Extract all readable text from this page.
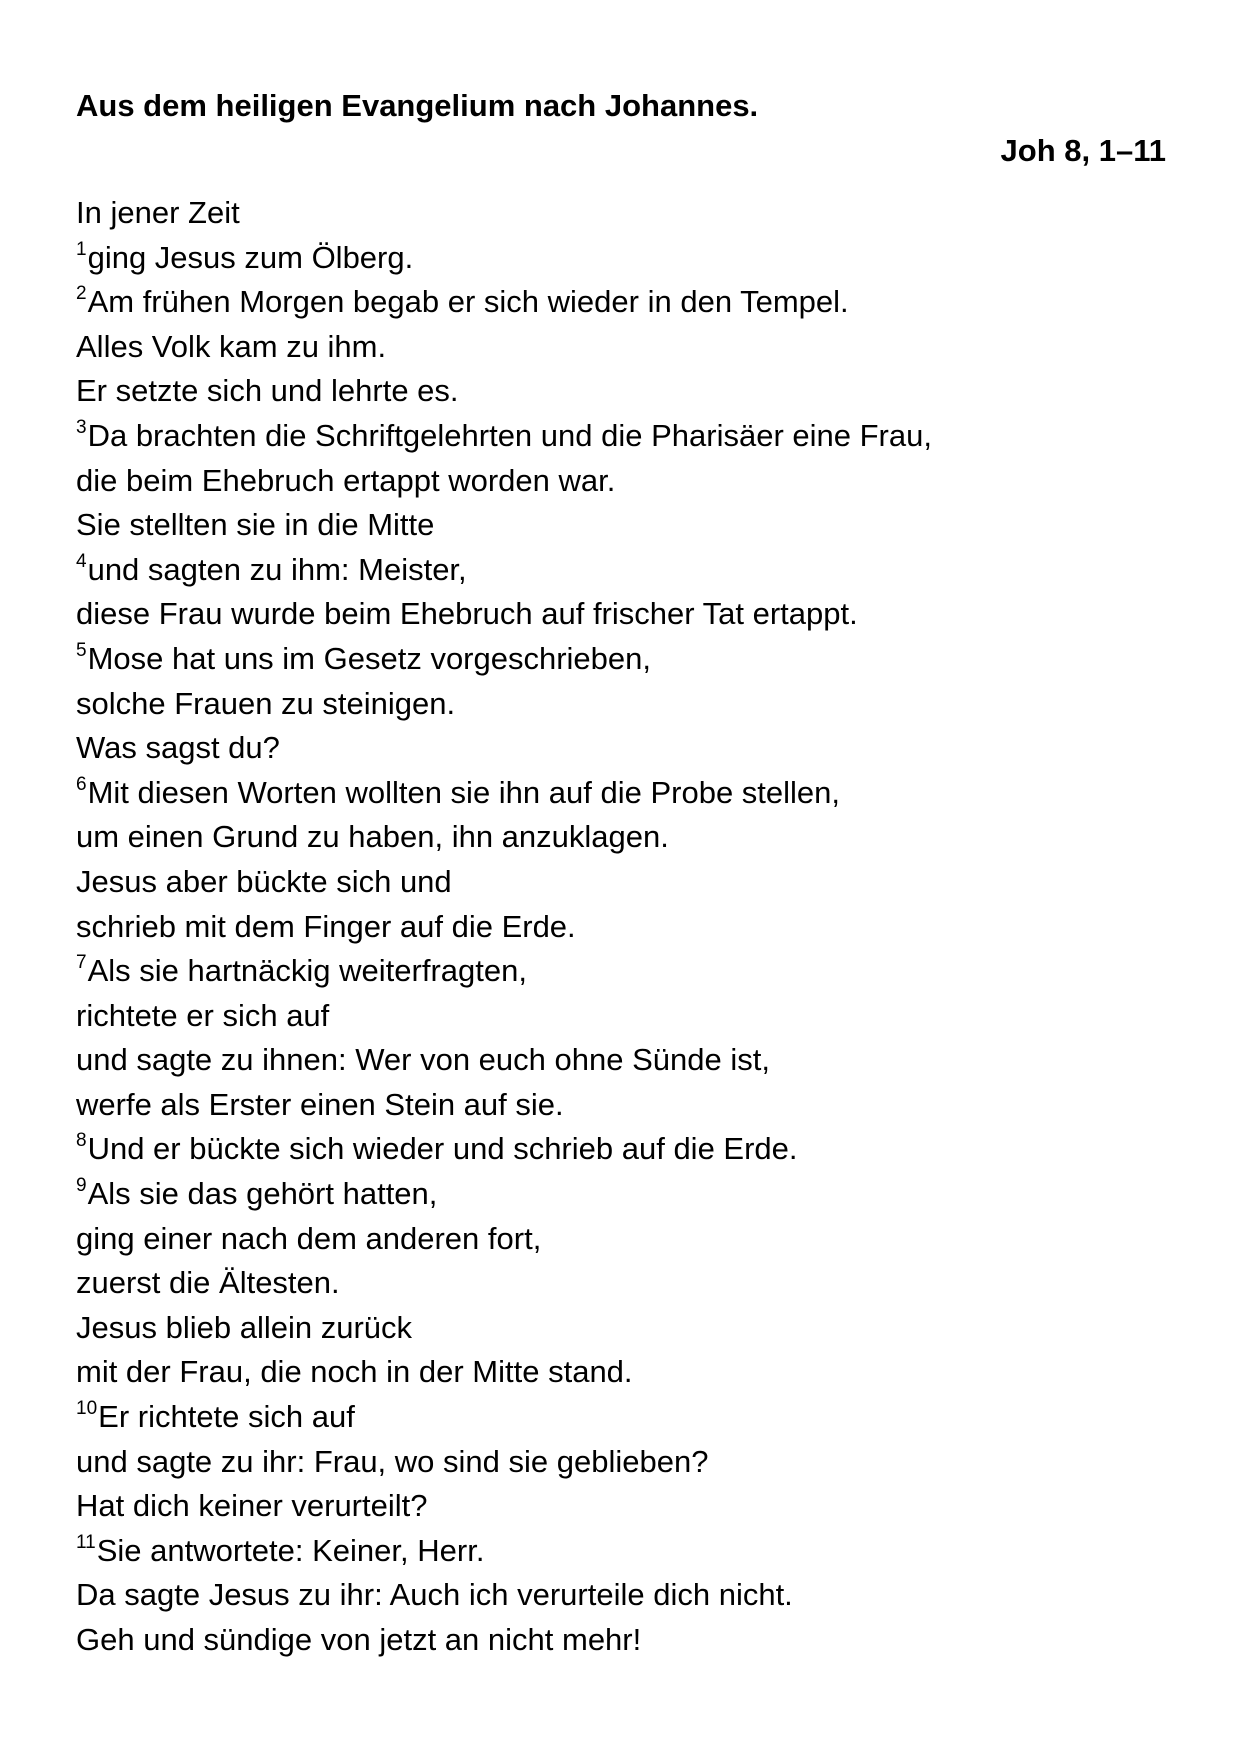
Aus dem heiligen Evangelium nach Johannes.
Joh 8, 1–11
In jener Zeit
$^1$ging Jesus zum Ölberg.
$^2$Am frühen Morgen begab er sich wieder in den Tempel.
Alles Volk kam zu ihm.
Er setzte sich und lehrte es.
$^3$Da brachten die Schriftgelehrten und die Pharisäer eine Frau,
die beim Ehebruch ertappt worden war.
Sie stellten sie in die Mitte
$^4$und sagten zu ihm: Meister,
diese Frau wurde beim Ehebruch auf frischer Tat ertappt.
$^5$Mose hat uns im Gesetz vorgeschrieben,
solche Frauen zu steinigen.
Was sagst du?
$^6$Mit diesen Worten wollten sie ihn auf die Probe stellen,
um einen Grund zu haben, ihn anzuklagen.
Jesus aber bückte sich und
schrieb mit dem Finger auf die Erde.
$^7$Als sie hartnäckig weiterfragten,
richtete er sich auf
und sagte zu ihnen: Wer von euch ohne Sünde ist,
werfe als Erster einen Stein auf sie.
$^8$Und er bückte sich wieder und schrieb auf die Erde.
$^9$Als sie das gehört hatten,
ging einer nach dem anderen fort,
zuerst die Ältesten.
Jesus blieb allein zurück
mit der Frau, die noch in der Mitte stand.
$^{10}$Er richtete sich auf
und sagte zu ihr: Frau, wo sind sie geblieben?
Hat dich keiner verurteilt?
$^{11}$Sie antwortete: Keiner, Herr.
Da sagte Jesus zu ihr: Auch ich verurteile dich nicht.
Geh und sündige von jetzt an nicht mehr!
